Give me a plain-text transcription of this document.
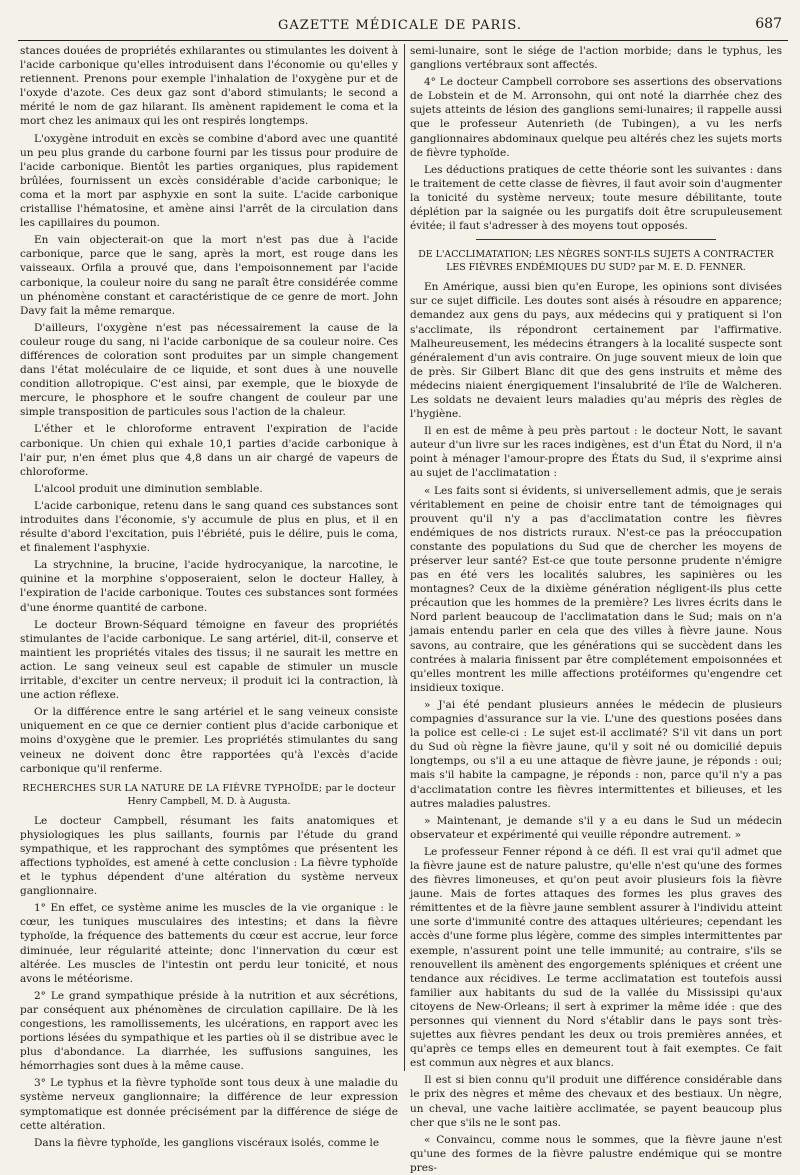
GAZETTE MÉDICALE DE PARIS.	687

stances douées de propriétés exhilarantes ou stimulantes les doivent à l'acide carbonique qu'elles introduisent dans l'économie ou qu'elles y retiennent. Prenons pour exemple l'inhalation de l'oxygène pur et de l'oxyde d'azote. Ces deux gaz sont d'abord stimulants; le second a mérité le nom de gaz hilarant. Ils amènent rapidement le coma et la mort chez les animaux qui les ont respirés longtemps.

L'oxygène introduit en excès se combine d'abord avec une quantité un peu plus grande du carbone fourni par les tissus pour produire de l'acide carbonique. Bientôt les parties organiques, plus rapidement brûlées, fournissent un excès considérable d'acide carbonique; le coma et la mort par asphyxie en sont la suite. L'acide carbonique cristallise l'hématosine, et amène ainsi l'arrêt de la circulation dans les capillaires du poumon.

En vain objecterait-on que la mort n'est pas due à l'acide carbonique, parce que le sang, après la mort, est rouge dans les vaisseaux. Orfila a prouvé que, dans l'empoisonnement par l'acide carbonique, la couleur noire du sang ne paraît être considérée comme un phénomène constant et caractéristique de ce genre de mort. John Davy fait la même remarque.

D'ailleurs, l'oxygène n'est pas nécessairement la cause de la couleur rouge du sang, ni l'acide carbonique de sa couleur noire. Ces différences de coloration sont produites par un simple changement dans l'état moléculaire de ce liquide, et sont dues à une nouvelle condition allotropique. C'est ainsi, par exemple, que le bioxyde de mercure, le phosphore et le soufre changent de couleur par une simple transposition de particules sous l'action de la chaleur.

L'éther et le chloroforme entravent l'expiration de l'acide carbonique. Un chien qui exhale 10,1 parties d'acide carbonique à l'air pur, n'en émet plus que 4,8 dans un air chargé de vapeurs de chloroforme.

L'alcool produit une diminution semblable.

L'acide carbonique, retenu dans le sang quand ces substances sont introduites dans l'économie, s'y accumule de plus en plus, et il en résulte d'abord l'excitation, puis l'ébriété, puis le délire, puis le coma, et finalement l'asphyxie.

La strychnine, la brucine, l'acide hydrocyanique, la narcotine, le quinine et la morphine s'opposeraient, selon le docteur Halley, à l'expiration de l'acide carbonique. Toutes ces substances sont formées d'une énorme quantité de carbone.

Le docteur Brown-Séquard témoigne en faveur des propriétés stimulantes de l'acide carbonique. Le sang artériel, dit-il, conserve et maintient les propriétés vitales des tissus; il ne saurait les mettre en action. Le sang veineux seul est capable de stimuler un muscle irritable, d'exciter un centre nerveux; il produit ici la contraction, là une action réflexe.

Or la différence entre le sang artériel et le sang veineux consiste uniquement en ce que ce dernier contient plus d'acide carbonique et moins d'oxygène que le premier. Les propriétés stimulantes du sang veineux ne doivent donc être rapportées qu'à l'excès d'acide carbonique qu'il renferme.

RECHERCHES SUR LA NATURE DE LA FIÈVRE TYPHOÏDE; par le docteur
Henry Campbell, M. D. à Augusta.

Le docteur Campbell, résumant les faits anatomiques et physiologiques les plus saillants, fournis par l'étude du grand sympathique, et les rapprochant des symptômes que présentent les affections typhoïdes, est amené à cette conclusion : La fièvre typhoïde et le typhus dépendent d'une altération du système nerveux ganglionnaire.

1° En effet, ce système anime les muscles de la vie organique : le cœur, les tuniques musculaires des intestins; et dans la fièvre typhoïde, la fréquence des battements du cœur est accrue, leur force diminuée, leur régularité atteinte; donc l'innervation du cœur est altérée. Les muscles de l'intestin ont perdu leur tonicité, et nous avons le météorisme.

2° Le grand sympathique préside à la nutrition et aux sécrétions, par conséquent aux phénomènes de circulation capillaire. De là les congestions, les ramollissements, les ulcérations, en rapport avec les portions lésées du sympathique et les parties où il se distribue avec le plus d'abondance. La diarrhée, les suffusions sanguines, les hémorrhagies sont dues à la même cause.

3° Le typhus et la fièvre typhoïde sont tous deux à une maladie du système nerveux ganglionnaire; la différence de leur expression symptomatique est donnée précisément par la différence de siége de cette altération.

Dans la fièvre typhoïde, les ganglions viscéraux isolés, comme le

semi-lunaire, sont le siége de l'action morbide; dans le typhus, les ganglions vertébraux sont affectés.

4° Le docteur Campbell corrobore ses assertions des observations de Lobstein et de M. Arronsohn, qui ont noté la diarrhée chez des sujets atteints de lésion des ganglions semi-lunaires; il rappelle aussi que le professeur Autenrieth (de Tubingen), a vu les nerfs ganglionnaires abdominaux quelque peu altérés chez les sujets morts de fièvre typhoïde.

Les déductions pratiques de cette théorie sont les suivantes : dans le traitement de cette classe de fièvres, il faut avoir soin d'augmenter la tonicité du système nerveux; toute mesure débilitante, toute déplétion par la saignée ou les purgatifs doit être scrupuleusement évitée; il faut s'adresser à des moyens tout opposés.

DE L'ACCLIMATATION; LES NÈGRES SONT-ILS SUJETS A CONTRACTER
LES FIÈVRES ENDÉMIQUES DU SUD? par M. E. D. FENNER.

En Amérique, aussi bien qu'en Europe, les opinions sont divisées sur ce sujet difficile. Les doutes sont aisés à résoudre en apparence; demandez aux gens du pays, aux médecins qui y pratiquent si l'on s'acclimate, ils répondront certainement par l'affirmative. Malheureusement, les médecins étrangers à la localité suspecte sont généralement d'un avis contraire. On juge souvent mieux de loin que de près. Sir Gilbert Blanc dit que des gens instruits et même des médecins niaient énergiquement l'insalubrité de l'île de Walcheren. Les soldats ne devaient leurs maladies qu'au mépris des règles de l'hygiène.

Il en est de même à peu près partout : le docteur Nott, le savant auteur d'un livre sur les races indigènes, est d'un État du Nord, il n'a point à ménager l'amour-propre des États du Sud, il s'exprime ainsi au sujet de l'acclimatation :

« Les faits sont si évidents, si universellement admis, que je serais véritablement en peine de choisir entre tant de témoignages qui prouvent qu'il n'y a pas d'acclimatation contre les fièvres endémiques de nos districts ruraux. N'est-ce pas la préoccupation constante des populations du Sud que de chercher les moyens de préserver leur santé? Est-ce que toute personne prudente n'émigre pas en été vers les localités salubres, les sapinières ou les montagnes? Ceux de la dixième génération négligent-ils plus cette précaution que les hommes de la première? Les livres écrits dans le Nord parlent beaucoup de l'acclimatation dans le Sud; mais on n'a jamais entendu parler en cela que des villes à fièvre jaune. Nous savons, au contraire, que les générations qui se succèdent dans les contrées à malaria finissent par être complétement empoisonnées et qu'elles montrent les mille affections protéiformes qu'engendre cet insidieux toxique.

» J'ai été pendant plusieurs années le médecin de plusieurs compagnies d'assurance sur la vie. L'une des questions posées dans la police est celle-ci : Le sujet est-il acclimaté? S'il vit dans un port du Sud où règne la fièvre jaune, qu'il y soit né ou domicilié depuis longtemps, ou s'il a eu une attaque de fièvre jaune, je réponds : oui; mais s'il habite la campagne, je réponds : non, parce qu'il n'y a pas d'acclimatation contre les fièvres intermittentes et bilieuses, et les autres maladies palustres.

» Maintenant, je demande s'il y a eu dans le Sud un médecin observateur et expérimenté qui veuille répondre autrement. »

Le professeur Fenner répond à ce défi. Il est vrai qu'il admet que la fièvre jaune est de nature palustre, qu'elle n'est qu'une des formes des fièvres limoneuses, et qu'on peut avoir plusieurs fois la fièvre jaune. Mais de fortes attaques des formes les plus graves des rémittentes et de la fièvre jaune semblent assurer à l'individu atteint une sorte d'immunité contre des attaques ultérieures; cependant les accès d'une forme plus légère, comme des simples intermittentes par exemple, n'assurent point une telle immunité; au contraire, s'ils se renouvellent ils amènent des engorgements spléniques et créent une tendance aux récidives. Le terme acclimatation est toutefois aussi familier aux habitants du sud de la vallée du Mississipi qu'aux citoyens de New-Orleans; il sert à exprimer la même idée : que des personnes qui viennent du Nord s'établir dans le pays sont très-sujettes aux fièvres pendant les deux ou trois premières années, et qu'après ce temps elles en demeurent tout à fait exemptes. Ce fait est commun aux nègres et aux blancs.

Il est si bien connu qu'il produit une différence considérable dans le prix des nègres et même des chevaux et des bestiaux. Un nègre, un cheval, une vache laitière acclimatée, se payent beaucoup plus cher que s'ils ne le sont pas.

« Convaincu, comme nous le sommes, que la fièvre jaune n'est qu'une des formes de la fièvre palustre endémique qui se montre pres-
